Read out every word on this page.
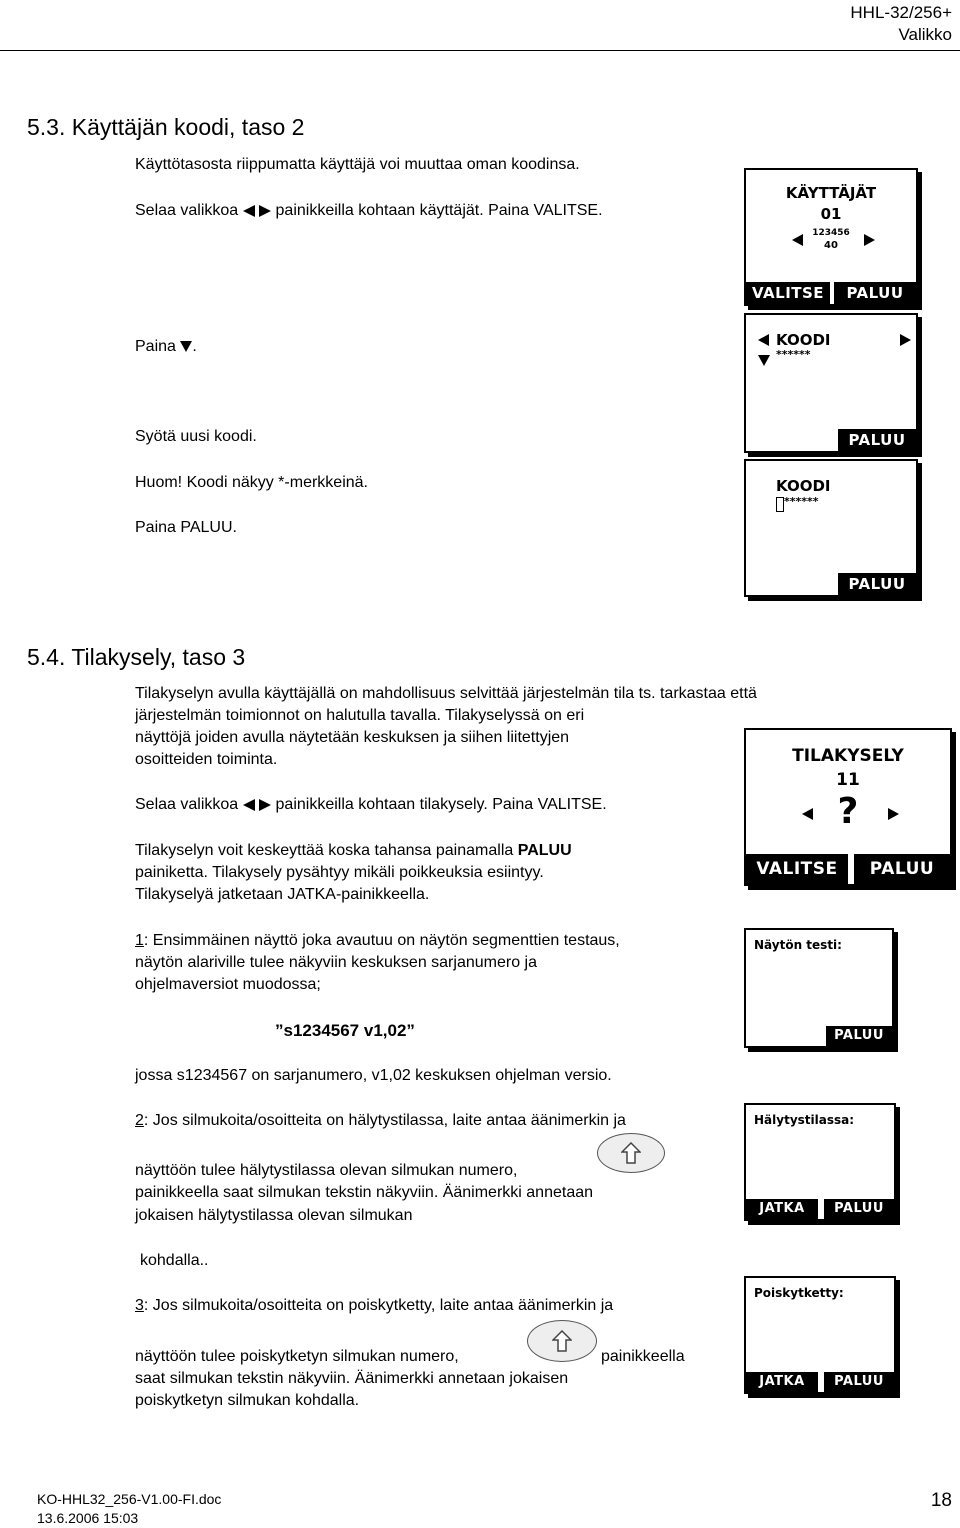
HHL-32/256+
Valikko
5.3. Käyttäjän koodi, taso 2
Käyttötasosta riippumatta käyttäjä voi muuttaa oman koodinsa.
Selaa valikkoa painikkeilla kohtaan käyttäjät. Paina VALITSE.
Paina .
Syötä uusi koodi.
Huom! Koodi näkyy *-merkkeinä.
Paina PALUU.
KÄYTTÄJÄT
01
123456
40
VALITSE	PALUU
KOODI
******
PALUU
KOODI
******
PALUU
5.4. Tilakysely, taso 3
Tilakyselyn avulla käyttäjällä on mahdollisuus selvittää järjestelmän tila ts. tarkastaa että
järjestelmän toimionnot on halutulla tavalla. Tilakyselyssä on eri
näyttöjä joiden avulla näytetään keskuksen ja siihen liitettyjen
osoitteiden toiminta.
Selaa valikkoa painikkeilla kohtaan tilakysely. Paina VALITSE.
Tilakyselyn voit keskeyttää koska tahansa painamalla PALUU
painiketta. Tilakysely pysähtyy mikäli poikkeuksia esiintyy.
Tilakyselyä jatketaan JATKA-painikkeella.
TILAKYSELY
11
?
VALITSE	PALUU
1: Ensimmäinen näyttö joka avautuu on näytön segmenttien testaus,
näytön alariville tulee näkyviin keskuksen sarjanumero ja
ohjelmaversiot muodossa;
”s1234567 v1,02”
jossa s1234567 on sarjanumero, v1,02 keskuksen ohjelman versio.
Näytön testi:
PALUU
2: Jos silmukoita/osoitteita on hälytystilassa, laite antaa äänimerkin ja
näyttöön tulee hälytystilassa olevan silmukan numero,
painikkeella saat silmukan tekstin näkyviin. Äänimerkki annetaan
jokaisen hälytystilassa olevan silmukan
kohdalla..
Hälytystilassa:
JATKA	PALUU
3: Jos silmukoita/osoitteita on poiskytketty, laite antaa äänimerkin ja
näyttöön tulee poiskytketyn silmukan numero,	painikkeella
saat silmukan tekstin näkyviin. Äänimerkki annetaan jokaisen
poiskytketyn silmukan kohdalla.
Poiskytketty:
JATKA	PALUU
KO-HHL32_256-V1.00-FI.doc
13.6.2006 15:03
18
